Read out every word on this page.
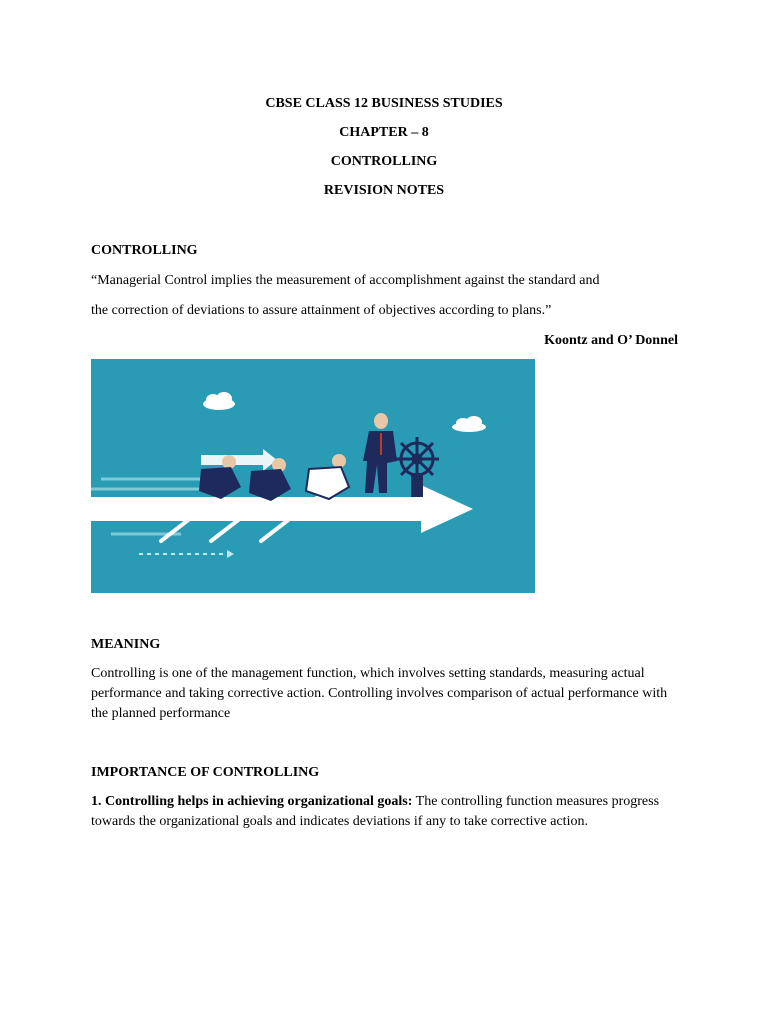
CBSE CLASS 12 BUSINESS STUDIES
CHAPTER – 8
CONTROLLING
REVISION NOTES
CONTROLLING
“Managerial Control implies the measurement of accomplishment against the standard and
the correction of deviations to assure attainment of objectives according to plans.”
Koontz and O’ Donnel
MEANING
Controlling is one of the management function, which involves setting standards, measuring actual performance and taking corrective action. Controlling involves comparison of actual performance with the planned performance
IMPORTANCE OF CONTROLLING
1. Controlling helps in achieving organizational goals: The controlling function measures progress towards the organizational goals and indicates deviations if any to take corrective action.
